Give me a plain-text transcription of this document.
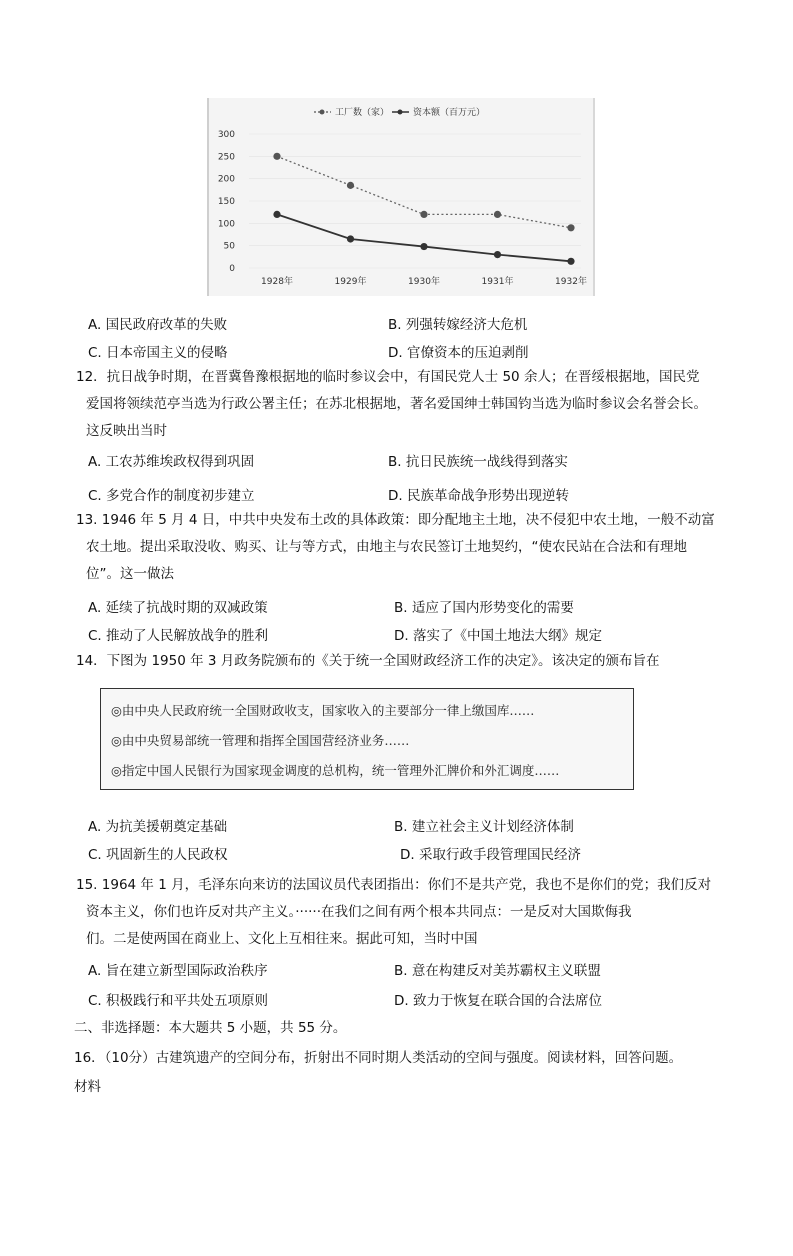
工厂数（家）	资本额（百万元）
0
50
100
150
200
250
300
1928年	1929年	1930年	1931年	1932年
A. 国民政府改革的失败	B. 列强转嫁经济大危机
C. 日本帝国主义的侵略	D. 官僚资本的压迫剥削
12．抗日战争时期，在晋冀鲁豫根据地的临时参议会中，有国民党人士 50 余人；在晋绥根据地，国民党
爱国将领续范亭当选为行政公署主任；在苏北根据地，著名爱国绅士韩国钧当选为临时参议会名誉会长。
这反映出当时
A. 工农苏维埃政权得到巩固	B. 抗日民族统一战线得到落实
C. 多党合作的制度初步建立	D. 民族革命战争形势出现逆转
13. 1946 年 5 月 4 日，中共中央发布土改的具体政策：即分配地主土地，决不侵犯中农土地，一般不动富
农土地。提出采取没收、购买、让与等方式，由地主与农民签订土地契约，“使农民站在合法和有理地
位”。这一做法
A. 延续了抗战时期的双减政策	B. 适应了国内形势变化的需要
C. 推动了人民解放战争的胜利	D. 落实了《中国土地法大纲》规定
14．下图为 1950 年 3 月政务院颁布的《关于统一全国财政经济工作的决定》。该决定的颁布旨在
◎由中央人民政府统一全国财政收支，国家收入的主要部分一律上缴国库……
◎由中央贸易部统一管理和指挥全国国营经济业务……
◎指定中国人民银行为国家现金调度的总机构，统一管理外汇牌价和外汇调度……
A. 为抗美援朝奠定基础	B. 建立社会主义计划经济体制
C. 巩固新生的人民政权	D. 采取行政手段管理国民经济
15. 1964 年 1 月，毛泽东向来访的法国议员代表团指出：你们不是共产党，我也不是你们的党；我们反对
资本主义，你们也许反对共产主义。······在我们之间有两个根本共同点：一是反对大国欺侮我
们。二是使两国在商业上、文化上互相往来。据此可知，当时中国
A. 旨在建立新型国际政治秩序	B. 意在构建反对美苏霸权主义联盟
C. 积极践行和平共处五项原则	D. 致力于恢复在联合国的合法席位
二、非选择题：本大题共 5 小题，共 55 分。
16．（10分）古建筑遗产的空间分布，折射出不同时期人类活动的空间与强度。阅读材料，回答问题。
材料
